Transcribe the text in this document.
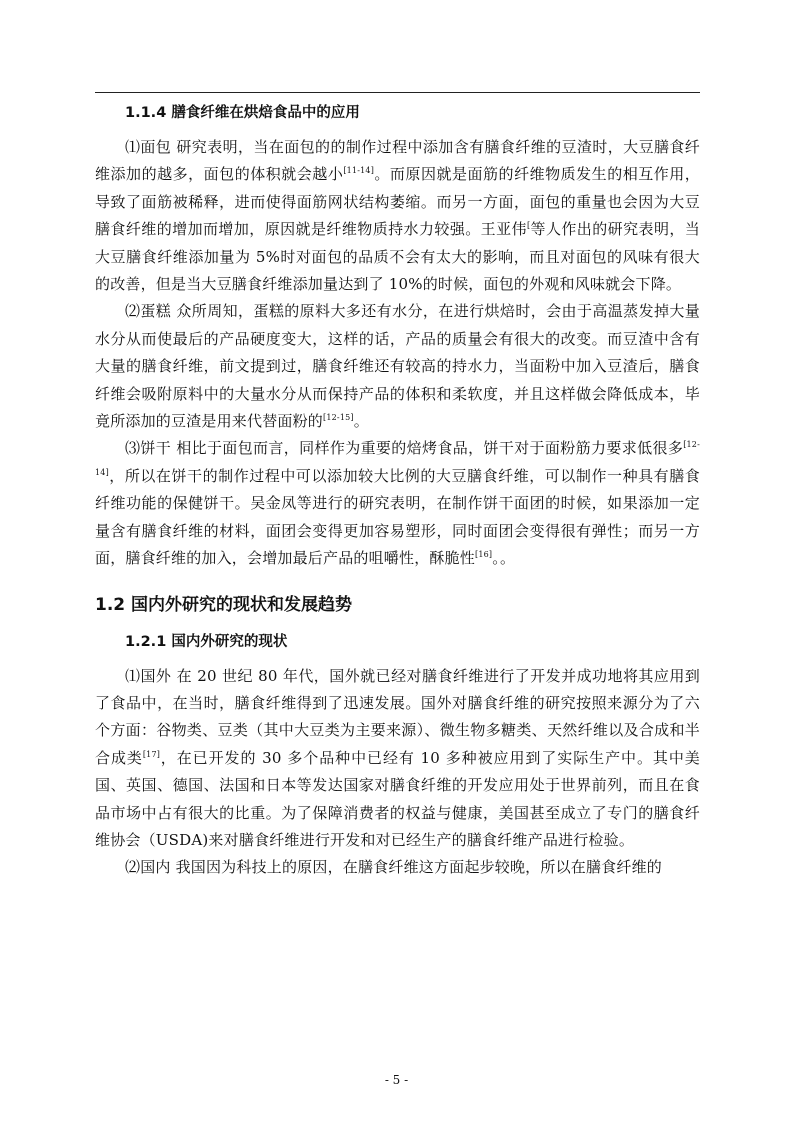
1.1.4 膳食纤维在烘焙食品中的应用

⑴面包 研究表明，当在面包的的制作过程中添加含有膳食纤维的豆渣时，大豆膳食纤维添加的越多，面包的体积就会越小[11-14]。而原因就是面筋的纤维物质发生的相互作用，导致了面筋被稀释，进而使得面筋网状结构萎缩。而另一方面，面包的重量也会因为大豆膳食纤维的增加而增加，原因就是纤维物质持水力较强。王亚伟[等人作出的研究表明，当大豆膳食纤维添加量为 5%时对面包的品质不会有太大的影响，而且对面包的风味有很大的改善，但是当大豆膳食纤维添加量达到了 10%的时候，面包的外观和风味就会下降。

⑵蛋糕 众所周知，蛋糕的原料大多还有水分，在进行烘焙时，会由于高温蒸发掉大量水分从而使最后的产品硬度变大，这样的话，产品的质量会有很大的改变。而豆渣中含有大量的膳食纤维，前文提到过，膳食纤维还有较高的持水力，当面粉中加入豆渣后，膳食纤维会吸附原料中的大量水分从而保持产品的体积和柔软度，并且这样做会降低成本，毕竟所添加的豆渣是用来代替面粉的[12-15]。

⑶饼干 相比于面包而言，同样作为重要的焙烤食品，饼干对于面粉筋力要求低很多[12-14]，所以在饼干的制作过程中可以添加较大比例的大豆膳食纤维，可以制作一种具有膳食纤维功能的保健饼干。吴金凤等进行的研究表明，在制作饼干面团的时候，如果添加一定量含有膳食纤维的材料，面团会变得更加容易塑形，同时面团会变得很有弹性；而另一方面，膳食纤维的加入，会增加最后产品的咀嚼性，酥脆性[16]。。

1.2 国内外研究的现状和发展趋势
1.2.1 国内外研究的现状

⑴国外 在 20 世纪 80 年代，国外就已经对膳食纤维进行了开发并成功地将其应用到了食品中，在当时，膳食纤维得到了迅速发展。国外对膳食纤维的研究按照来源分为了六个方面：谷物类、豆类（其中大豆类为主要来源）、微生物多糖类、天然纤维以及合成和半合成类[17]，在已开发的 30 多个品种中已经有 10 多种被应用到了实际生产中。其中美国、英国、德国、法国和日本等发达国家对膳食纤维的开发应用处于世界前列，而且在食品市场中占有很大的比重。为了保障消费者的权益与健康，美国甚至成立了专门的膳食纤维协会（USDA)来对膳食纤维进行开发和对已经生产的膳食纤维产品进行检验。

⑵国内 我国因为科技上的原因，在膳食纤维这方面起步较晚，所以在膳食纤维的

- 5 -
